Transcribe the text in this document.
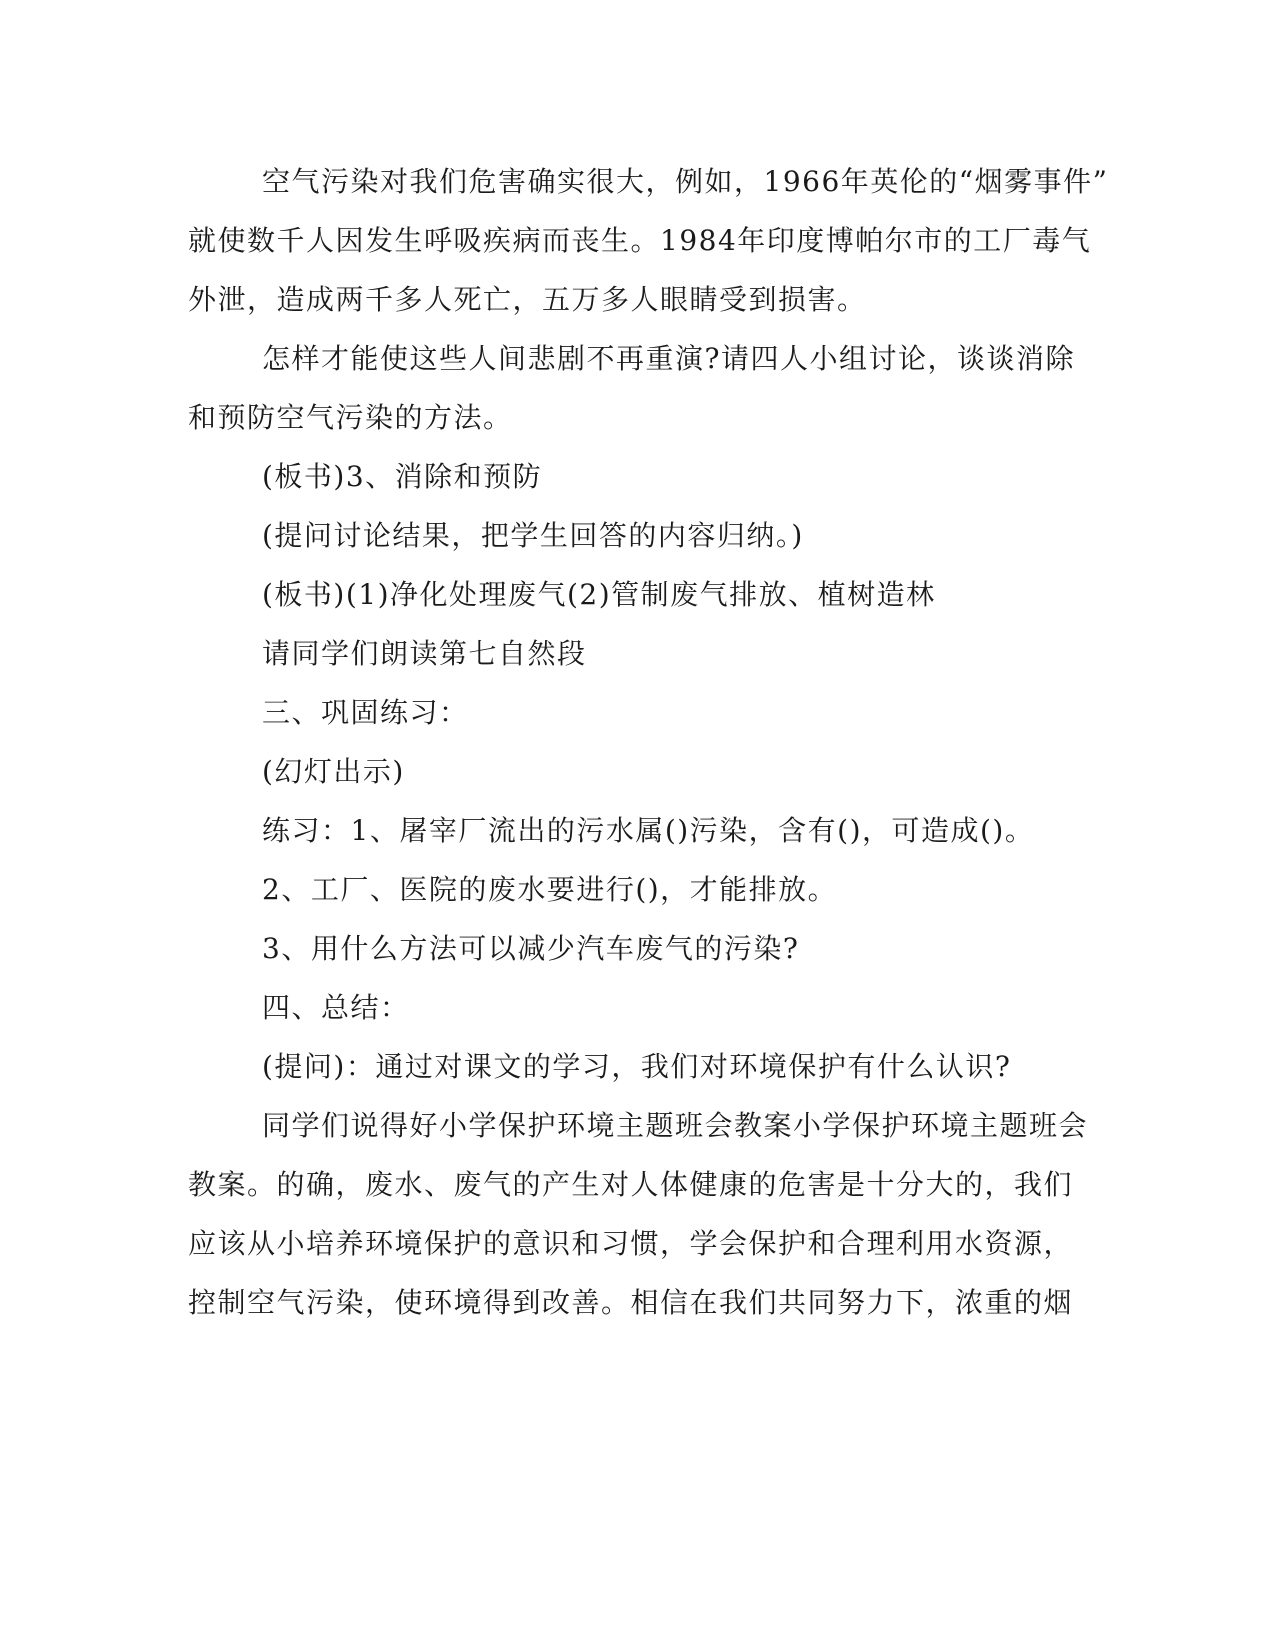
空气污染对我们危害确实很大，例如，1966年英伦的“烟雾事件”
就使数千人因发生呼吸疾病而丧生。1984年印度博帕尔市的工厂毒气
外泄，造成两千多人死亡，五万多人眼睛受到损害。
怎样才能使这些人间悲剧不再重演?请四人小组讨论，谈谈消除
和预防空气污染的方法。
(板书)3、消除和预防
(提问讨论结果，把学生回答的内容归纳。)
(板书)(1)净化处理废气(2)管制废气排放、植树造林
请同学们朗读第七自然段
三、巩固练习：
(幻灯出示)
练习：1、屠宰厂流出的污水属()污染，含有()，可造成()。
2、工厂、医院的废水要进行()，才能排放。
3、用什么方法可以减少汽车废气的污染?
四、总结：
(提问)：通过对课文的学习，我们对环境保护有什么认识?
同学们说得好小学保护环境主题班会教案小学保护环境主题班会
教案。的确，废水、废气的产生对人体健康的危害是十分大的，我们
应该从小培养环境保护的意识和习惯，学会保护和合理利用水资源，
控制空气污染，使环境得到改善。相信在我们共同努力下，浓重的烟
